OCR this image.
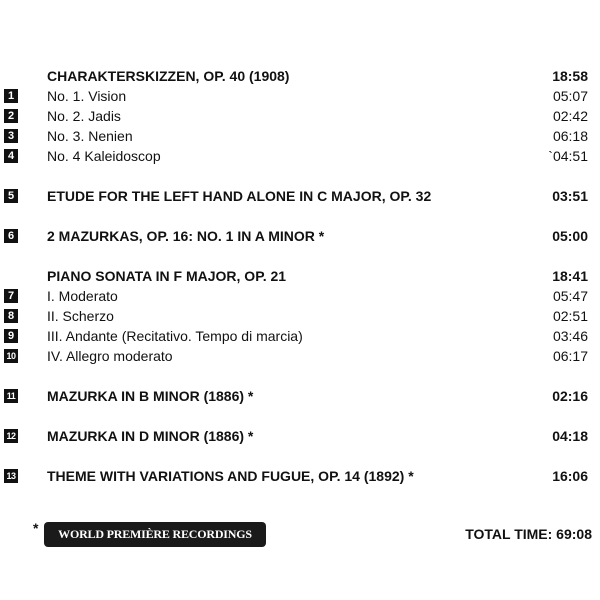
CHARAKTERSKIZZEN, OP. 40 (1908)	18:58
1 No. 1. Vision	05:07
2 No. 2. Jadis	02:42
3 No. 3. Nenien	06:18
4 No. 4 Kaleidoscop	`04:51
5 ETUDE FOR THE LEFT HAND ALONE IN C MAJOR, OP. 32	03:51
6 2 MAZURKAS, OP. 16: NO. 1 IN A MINOR *	05:00
PIANO SONATA IN F MAJOR, OP. 21	18:41
7 I. Moderato	05:47
8 II. Scherzo	02:51
9 III. Andante (Recitativo. Tempo di marcia)	03:46
10 IV. Allegro moderato	06:17
11 MAZURKA IN B MINOR (1886) *	02:16
12 MAZURKA IN D MINOR (1886) *	04:18
13 THEME WITH VARIATIONS AND FUGUE, OP. 14 (1892) *	16:06
*	WORLD PREMIÈRE RECORDINGS	TOTAL TIME: 69:08
